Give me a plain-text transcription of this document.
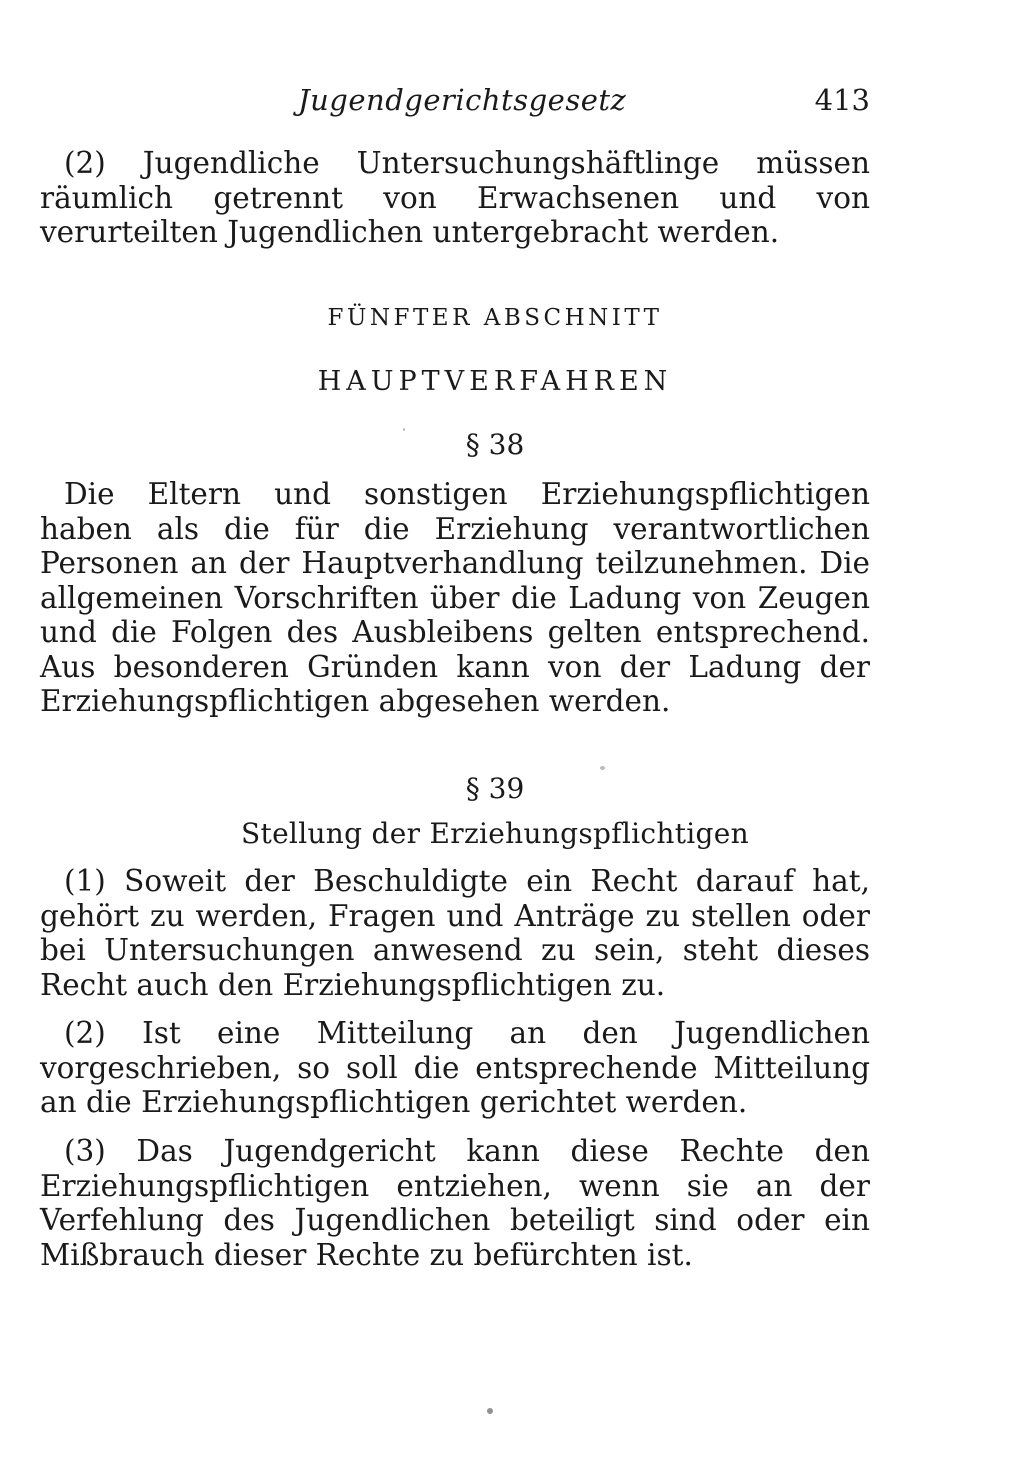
Jugendgerichtsgesetz	413

(2) Jugendliche Untersuchungshäftlinge müssen räumlich getrennt von Erwachsenen und von verurteilten Jugendlichen untergebracht werden.

FÜNFTER ABSCHNITT
HAUPTVERFAHREN
§ 38

Die Eltern und sonstigen Erziehungspflichtigen haben als die für die Erziehung verantwortlichen Personen an der Hauptverhandlung teilzunehmen. Die allgemeinen Vorschriften über die Ladung von Zeugen und die Folgen des Ausbleibens gelten entsprechend. Aus besonderen Gründen kann von der Ladung der Erziehungspflichtigen abgesehen werden.

§ 39
Stellung der Erziehungspflichtigen

(1) Soweit der Beschuldigte ein Recht darauf hat, gehört zu werden, Fragen und Anträge zu stellen oder bei Untersuchungen anwesend zu sein, steht dieses Recht auch den Erziehungspflichtigen zu.

(2) Ist eine Mitteilung an den Jugendlichen vorgeschrieben, so soll die entsprechende Mitteilung an die Erziehungspflichtigen gerichtet werden.

(3) Das Jugendgericht kann diese Rechte den Erziehungspflichtigen entziehen, wenn sie an der Verfehlung des Jugendlichen beteiligt sind oder ein Mißbrauch dieser Rechte zu befürchten ist.
